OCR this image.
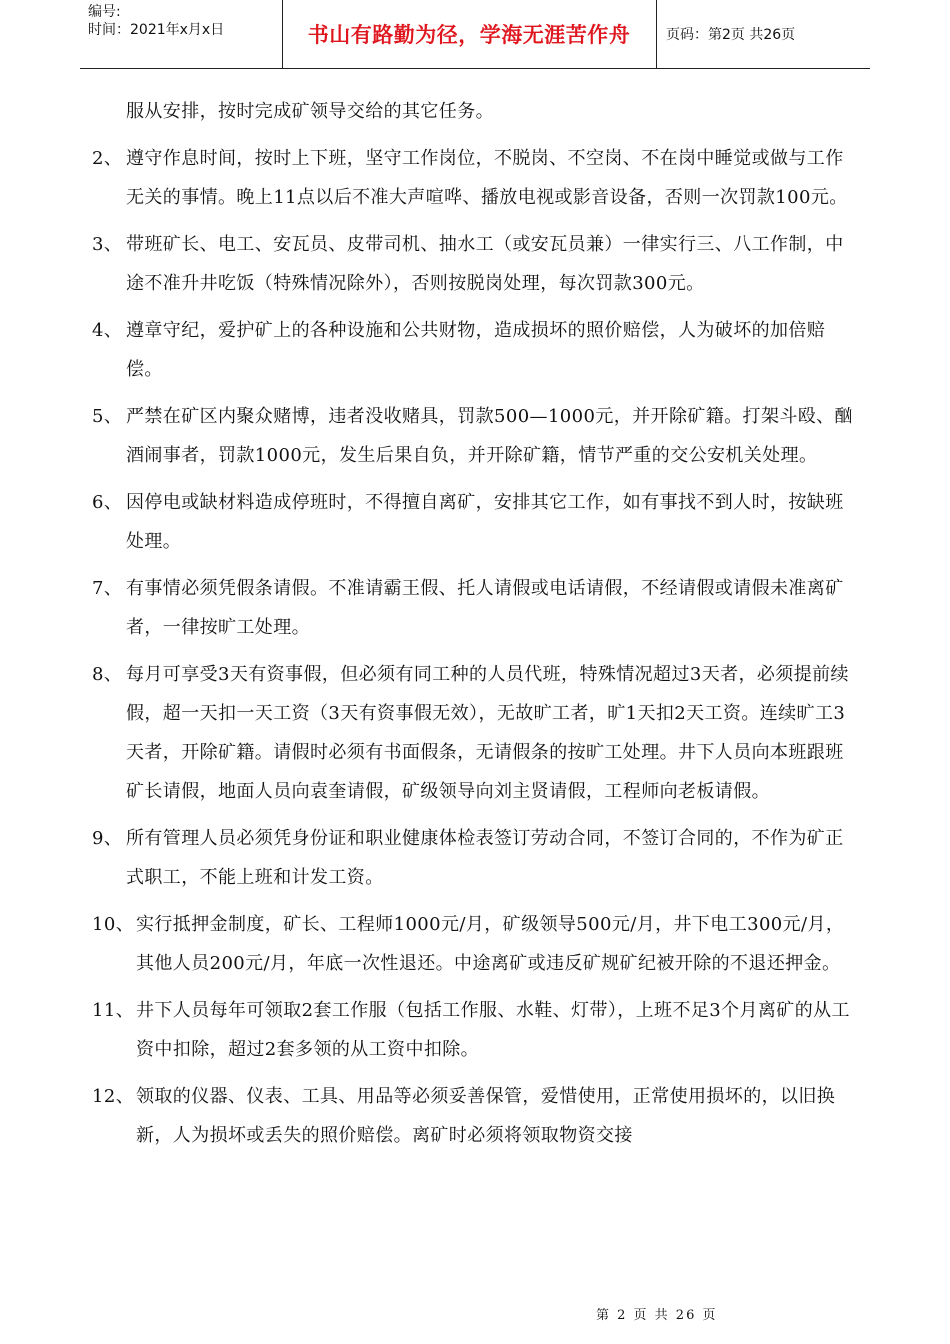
编号:
时间：2021年x月x日	书山有路勤为径，学海无涯苦作舟	页码：第2页 共26页
服从安排，按时完成矿领导交给的其它任务。
2、 遵守作息时间，按时上下班，坚守工作岗位，不脱岗、不空岗、不在岗中睡觉或做与工作无关的事情。晚上11点以后不准大声喧哗、播放电视或影音设备，否则一次罚款100元。
3、 带班矿长、电工、安瓦员、皮带司机、抽水工（或安瓦员兼）一律实行三、八工作制，中途不准升井吃饭（特殊情况除外），否则按脱岗处理，每次罚款300元。
4、 遵章守纪，爱护矿上的各种设施和公共财物，造成损坏的照价赔偿，人为破坏的加倍赔偿。
5、 严禁在矿区内聚众赌博，违者没收赌具，罚款500—1000元，并开除矿籍。打架斗殴、酗酒闹事者，罚款1000元，发生后果自负，并开除矿籍，情节严重的交公安机关处理。
6、 因停电或缺材料造成停班时，不得擅自离矿，安排其它工作，如有事找不到人时，按缺班处理。
7、 有事情必须凭假条请假。不准请霸王假、托人请假或电话请假，不经请假或请假未准离矿者，一律按旷工处理。
8、 每月可享受3天有资事假，但必须有同工种的人员代班，特殊情况超过3天者，必须提前续假，超一天扣一天工资（3天有资事假无效），无故旷工者，旷1天扣2天工资。连续旷工3天者，开除矿籍。请假时必须有书面假条，无请假条的按旷工处理。井下人员向本班跟班矿长请假，地面人员向袁奎请假，矿级领导向刘主贤请假，工程师向老板请假。
9、 所有管理人员必须凭身份证和职业健康体检表签订劳动合同，不签订合同的，不作为矿正式职工，不能上班和计发工资。
10、 实行抵押金制度，矿长、工程师1000元/月，矿级领导500元/月，井下电工300元/月，其他人员200元/月，年底一次性退还。中途离矿或违反矿规矿纪被开除的不退还押金。
11、 井下人员每年可领取2套工作服（包括工作服、水鞋、灯带），上班不足3个月离矿的从工资中扣除，超过2套多领的从工资中扣除。
12、 领取的仪器、仪表、工具、用品等必须妥善保管，爱惜使用，正常使用损坏的，以旧换新，人为损坏或丢失的照价赔偿。离矿时必须将领取物资交接
第 2 页 共 26 页
